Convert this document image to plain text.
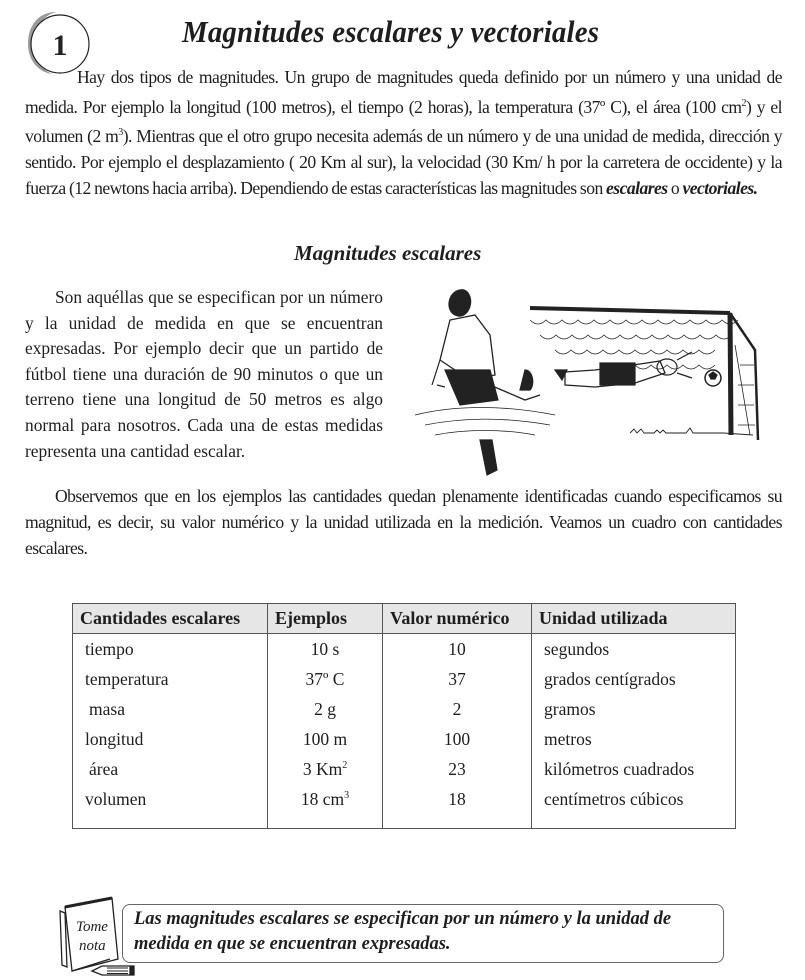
1	Magnitudes escalares y vectoriales
Hay dos tipos de magnitudes. Un grupo de magnitudes queda definido por un número y una unidad de medida. Por ejemplo la longitud (100 metros), el tiempo (2 horas), la temperatura (37º C), el área (100 $cm^2$) y el volumen (2 $m^3$). Mientras que el otro grupo necesita además de un número y de una unidad de medida, dirección y sentido. Por ejemplo el desplazamiento ( 20 Km al sur), la velocidad (30 Km/ h por la carretera de occidente) y la fuerza (12 newtons hacia arriba). Dependiendo de estas características las magnitudes son escalares o vectoriales.
Magnitudes escalares
Son aquéllas que se especifican por un número y la unidad de medida en que se encuentran expresadas. Por ejemplo decir que un partido de fútbol tiene una duración de 90 minutos o que un terreno tiene una longitud de 50 metros es algo normal para nosotros. Cada una de estas medidas representa una cantidad escalar.
Observemos que en los ejemplos las cantidades quedan plenamente identificadas cuando especificamos su magnitud, es decir, su valor numérico y la unidad utilizada en la medición. Veamos un cuadro con cantidades escalares.
Cantidades escalares	Ejemplos	Valor numérico	Unidad utilizada
tiempo	10 s	10	segundos
temperatura	37º C	37	grados centígrados
masa	2 g	2	gramos
longitud	100 m	100	metros
área	3 Km$^2$	23	kilómetros cuadrados
volumen	18 $cm^3$	18	centímetros cúbicos
Tome
nota
Las magnitudes escalares se especifican por un número y la unidad de medida en que se encuentran expresadas.
